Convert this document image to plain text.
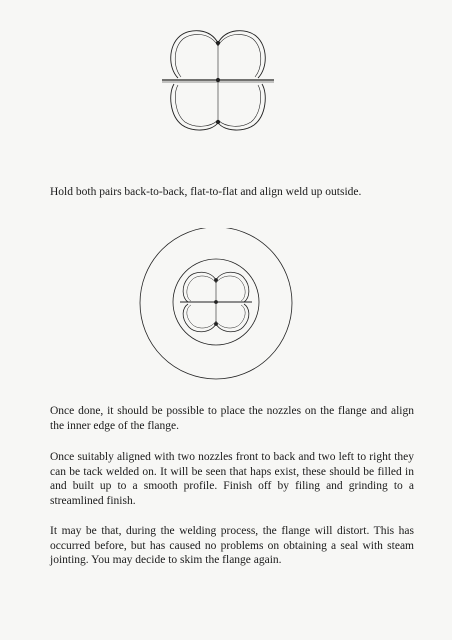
Hold both pairs back-to-back, flat-to-flat and align weld up outside.

Once done, it should be possible to place the nozzles on the flange and align the inner edge of the flange.

Once suitably aligned with two nozzles front to back and two left to right they can be tack welded on. It will be seen that haps exist, these should be filled in and built up to a smooth profile. Finish off by filing and grinding to a streamlined finish.

It may be that, during the welding process, the flange will distort. This has occurred before, but has caused no problems on obtaining a seal with steam jointing. You may decide to skim the flange again.
